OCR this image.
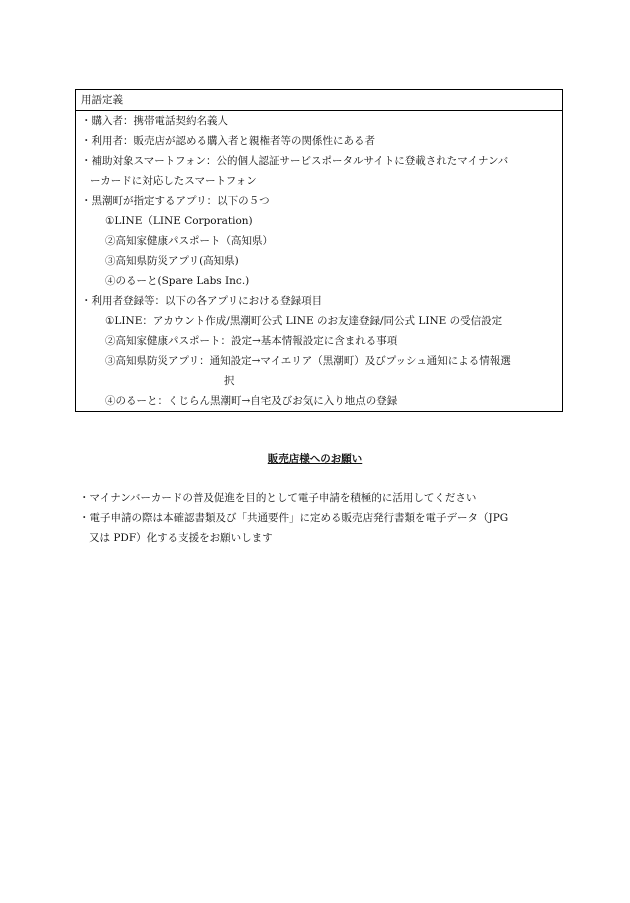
用語定義
・購入者：携帯電話契約名義人
・利用者：販売店が認める購入者と親権者等の関係性にある者
・補助対象スマートフォン：公的個人認証サービスポータルサイトに登載されたマイナンバ
ーカードに対応したスマートフォン
・黒潮町が指定するアプリ：以下の５つ
①LINE（LINE Corporation)
②高知家健康パスポート（高知県）
③高知県防災アプリ(高知県)
④のるーと(Spare Labs Inc.)
・利用者登録等：以下の各アプリにおける登録項目
①LINE：アカウント作成/黒潮町公式 LINE のお友達登録/同公式 LINE の受信設定
②高知家健康パスポート：設定→基本情報設定に含まれる事項
③高知県防災アプリ：通知設定→マイエリア（黒潮町）及びプッシュ通知による情報選
択
④のるーと：くじらん黒潮町→自宅及びお気に入り地点の登録
販売店様へのお願い
・マイナンバーカードの普及促進を目的として電子申請を積極的に活用してください
・電子申請の際は本確認書類及び「共通要件」に定める販売店発行書類を電子データ（JPG
又は PDF）化する支援をお願いします
